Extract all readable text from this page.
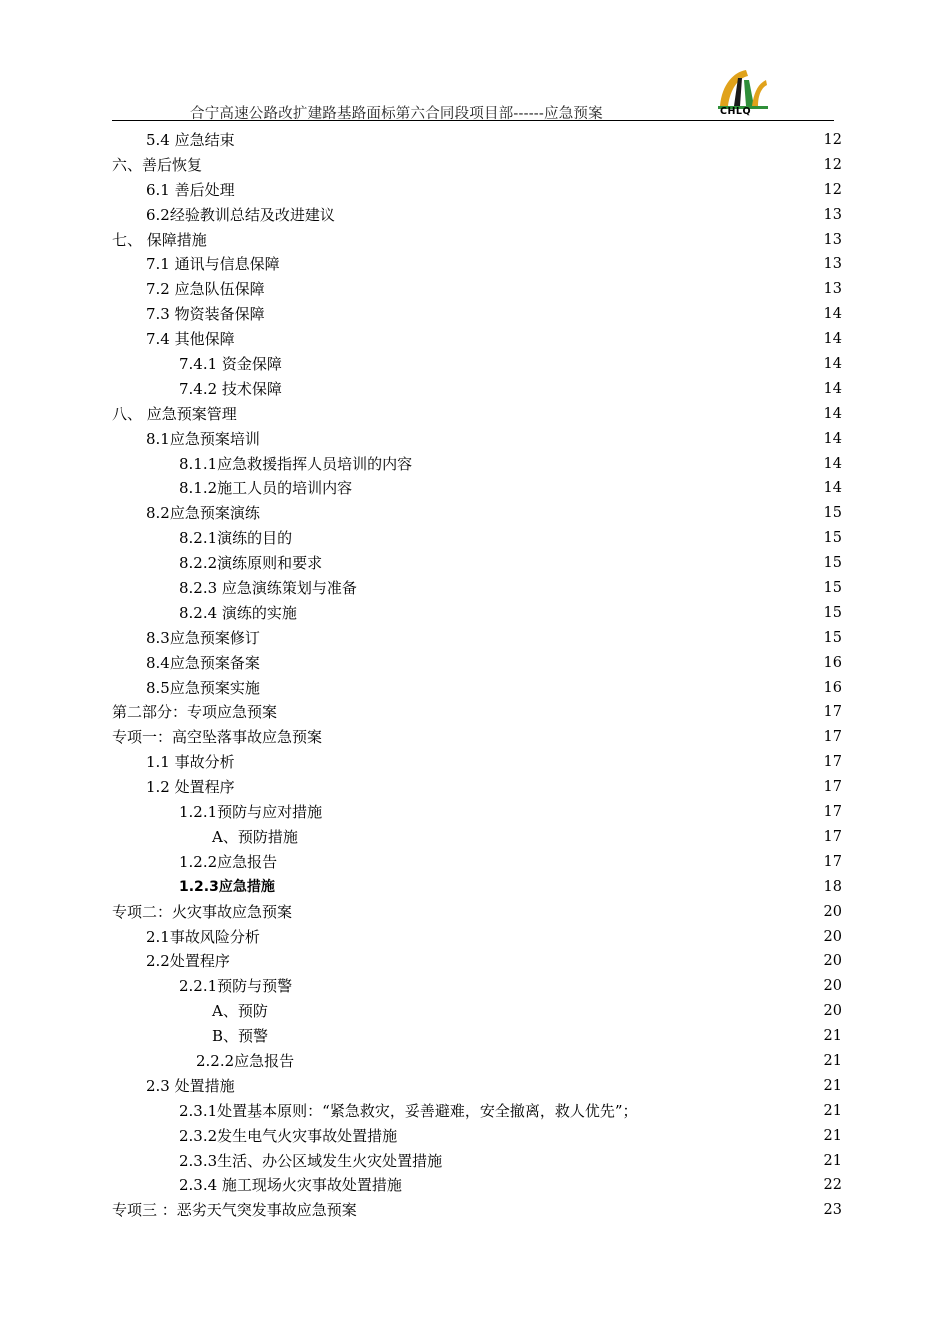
CHLQ
合宁高速公路改扩建路基路面标第六合同段项目部------应急预案
5.4 应急结束	12
六、善后恢复	12
6.1 善后处理	12
6.2经验教训总结及改进建议	13
七、 保障措施	13
7.1 通讯与信息保障	13
7.2 应急队伍保障	13
7.3 物资装备保障	14
7.4 其他保障	14
7.4.1 资金保障	14
7.4.2 技术保障	14
八、 应急预案管理	14
8.1应急预案培训	14
8.1.1应急救援指挥人员培训的内容	14
8.1.2施工人员的培训内容	14
8.2应急预案演练	15
8.2.1演练的目的	15
8.2.2演练原则和要求	15
8.2.3 应急演练策划与准备	15
8.2.4 演练的实施	15
8.3应急预案修订	15
8.4应急预案备案	16
8.5应急预案实施	16
第二部分：专项应急预案	17
专项一：高空坠落事故应急预案	17
1.1 事故分析	17
1.2 处置程序	17
1.2.1预防与应对措施	17
A、预防措施	17
1.2.2应急报告	17
1.2.3应急措施	18
专项二：火灾事故应急预案	20
2.1事故风险分析	20
2.2处置程序	20
2.2.1预防与预警	20
A、预防	20
B、预警	21
2.2.2应急报告	21
2.3 处置措施	21
2.3.1处置基本原则：“紧急救灾，妥善避难，安全撤离，救人优先”；	21
2.3.2发生电气火灾事故处置措施	21
2.3.3生活、办公区域发生火灾处置措施	21
2.3.4 施工现场火灾事故处置措施	22
专项三 ：恶劣天气突发事故应急预案	23
